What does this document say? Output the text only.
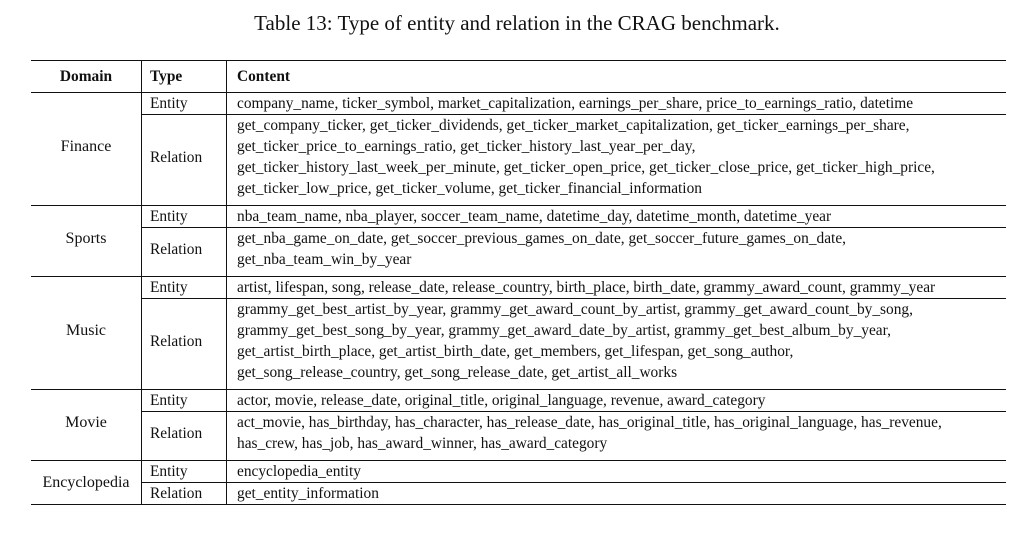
Table 13: Type of entity and relation in the CRAG benchmark.
Domain	Type	Content
Finance	Entity	company_name, ticker_symbol, market_capitalization, earnings_per_share, price_to_earnings_ratio, datetime

	Relation	get_company_ticker, get_ticker_dividends, get_ticker_market_capitalization, get_ticker_earnings_per_share,
get_ticker_price_to_earnings_ratio, get_ticker_history_last_year_per_day,
get_ticker_history_last_week_per_minute, get_ticker_open_price, get_ticker_close_price, get_ticker_high_price,
get_ticker_low_price, get_ticker_volume, get_ticker_financial_information

Sports	Entity	nba_team_name, nba_player, soccer_team_name, datetime_day, datetime_month, datetime_year

	Relation	get_nba_game_on_date, get_soccer_previous_games_on_date, get_soccer_future_games_on_date,
get_nba_team_win_by_year

Music	Entity	artist, lifespan, song, release_date, release_country, birth_place, birth_date, grammy_award_count, grammy_year

	Relation	grammy_get_best_artist_by_year, grammy_get_award_count_by_artist, grammy_get_award_count_by_song,
grammy_get_best_song_by_year, grammy_get_award_date_by_artist, grammy_get_best_album_by_year,
get_artist_birth_place, get_artist_birth_date, get_members, get_lifespan, get_song_author,
get_song_release_country, get_song_release_date, get_artist_all_works

Movie	Entity	actor, movie, release_date, original_title, original_language, revenue, award_category

	Relation	act_movie, has_birthday, has_character, has_release_date, has_original_title, has_original_language, has_revenue,
has_crew, has_job, has_award_winner, has_award_category

Encyclopedia	Entity	encyclopedia_entity

	Relation	get_entity_information
